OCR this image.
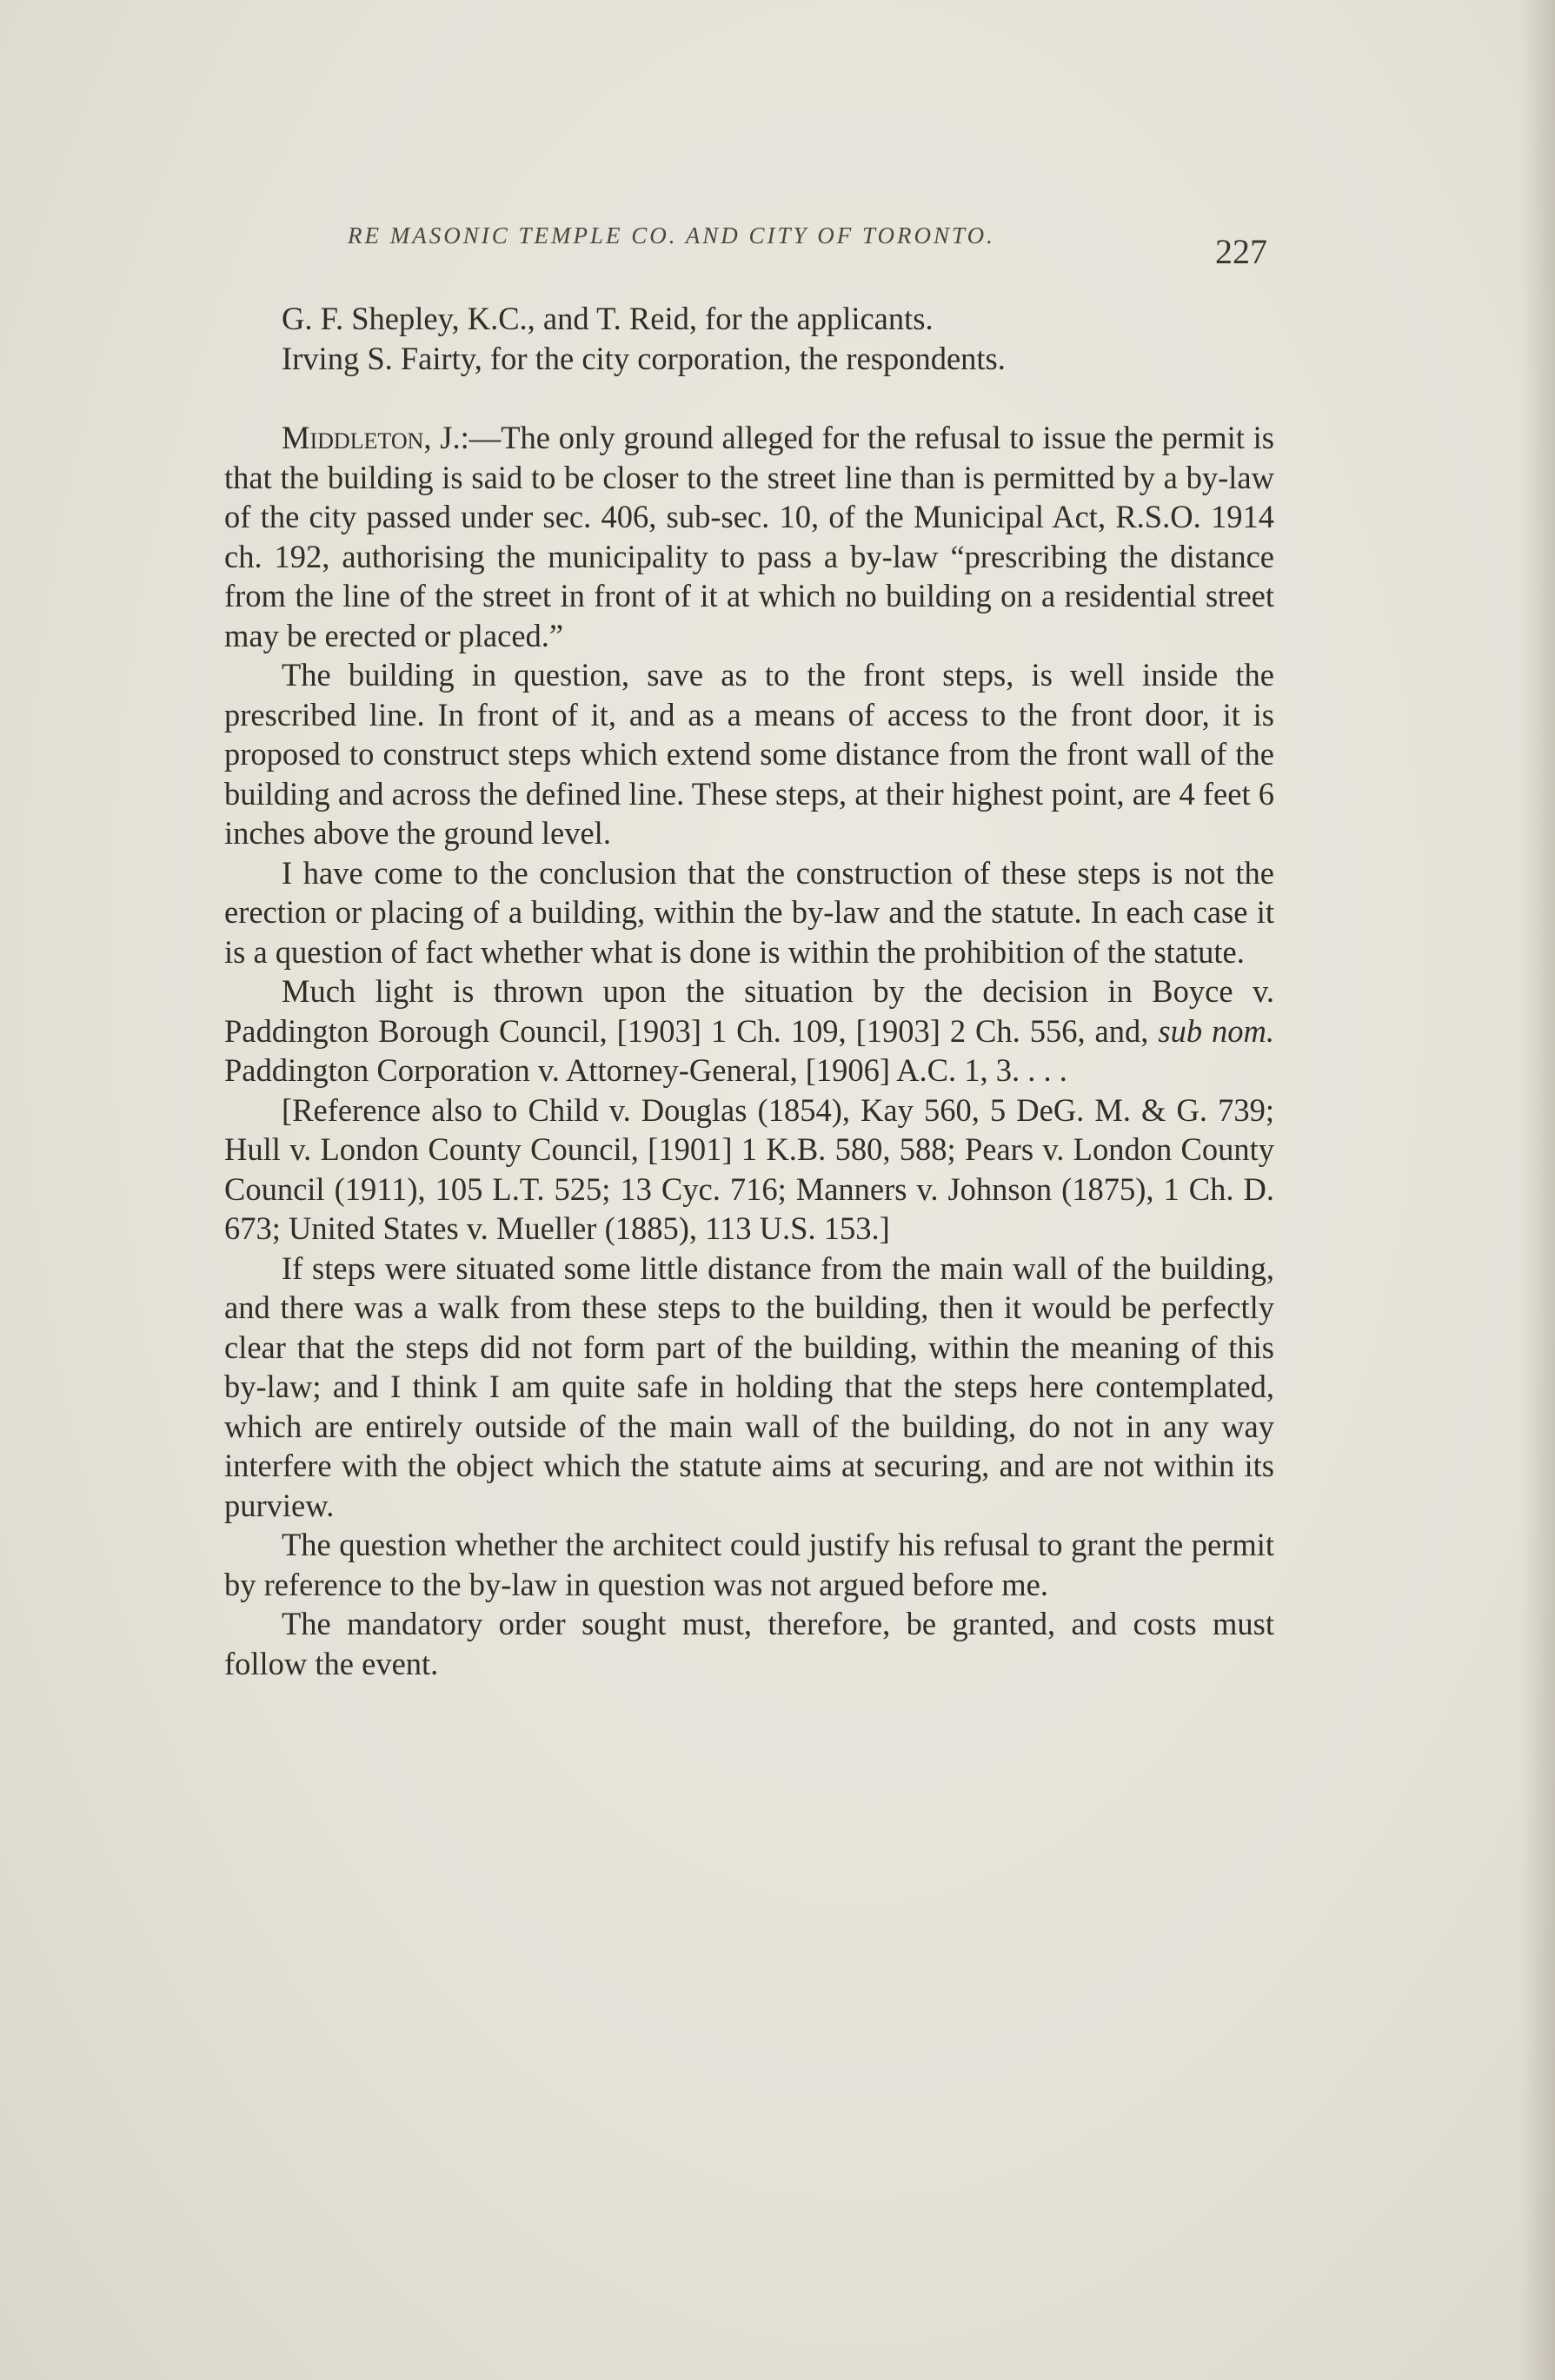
RE MASONIC TEMPLE CO. AND CITY OF TORONTO.	227

G. F. Shepley, K.C., and T. Reid, for the applicants.

Irving S. Fairty, for the city corporation, the respondents.

Middleton, J.:—The only ground alleged for the refusal to issue the permit is that the building is said to be closer to the street line than is permitted by a by-law of the city passed under sec. 406, sub-sec. 10, of the Municipal Act, R.S.O. 1914 ch. 192, authorising the municipality to pass a by-law “prescribing the distance from the line of the street in front of it at which no building on a residential street may be erected or placed.”

The building in question, save as to the front steps, is well inside the prescribed line. In front of it, and as a means of access to the front door, it is proposed to construct steps which extend some distance from the front wall of the building and across the defined line. These steps, at their highest point, are 4 feet 6 inches above the ground level.

I have come to the conclusion that the construction of these steps is not the erection or placing of a building, within the by-law and the statute. In each case it is a question of fact whether what is done is within the prohibition of the statute.

Much light is thrown upon the situation by the decision in Boyce v. Paddington Borough Council, [1903] 1 Ch. 109, [1903] 2 Ch. 556, and, sub nom. Paddington Corporation v. Attorney-General, [1906] A.C. 1, 3. . . .

[Reference also to Child v. Douglas (1854), Kay 560, 5 DeG. M. & G. 739; Hull v. London County Council, [1901] 1 K.B. 580, 588; Pears v. London County Council (1911), 105 L.T. 525; 13 Cyc. 716; Manners v. Johnson (1875), 1 Ch. D. 673; United States v. Mueller (1885), 113 U.S. 153.]

If steps were situated some little distance from the main wall of the building, and there was a walk from these steps to the building, then it would be perfectly clear that the steps did not form part of the building, within the meaning of this by-law; and I think I am quite safe in holding that the steps here contemplated, which are entirely outside of the main wall of the building, do not in any way interfere with the object which the statute aims at securing, and are not within its purview.

The question whether the architect could justify his refusal to grant the permit by reference to the by-law in question was not argued before me.

The mandatory order sought must, therefore, be granted, and costs must follow the event.
